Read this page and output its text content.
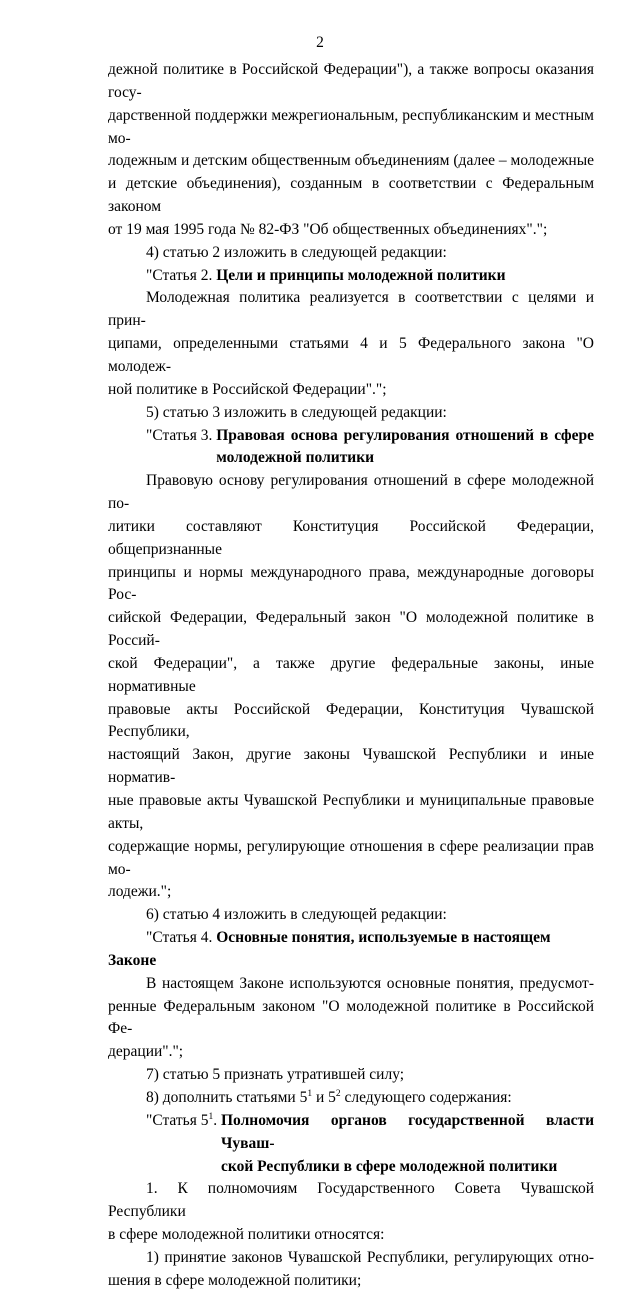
2
дежной политике в Российской Федерации"), а также вопросы оказания госу-
дарственной поддержки межрегиональным, республиканским и местным мо-
лодежным и детским общественным объединениям (далее – молодежные
и детские объединения), созданным в соответствии с Федеральным законом
от 19 мая 1995 года № 82-ФЗ "Об общественных объединениях".";
4) статью 2 изложить в следующей редакции:
"Статья 2. Цели и принципы молодежной политики
Молодежная политика реализуется в соответствии с целями и прин-
ципами, определенными статьями 4 и 5 Федерального закона "О молодеж-
ной политике в Российской Федерации".";
5) статью 3 изложить в следующей редакции:
"Статья 3. Правовая основа регулирования отношений в сфере
молодежной политики
Правовую основу регулирования отношений в сфере молодежной по-
литики составляют Конституция Российской Федерации, общепризнанные
принципы и нормы международного права, международные договоры Рос-
сийской Федерации, Федеральный закон "О молодежной политике в Россий-
ской Федерации", а также другие федеральные законы, иные нормативные
правовые акты Российской Федерации, Конституция Чувашской Республики,
настоящий Закон, другие законы Чувашской Республики и иные норматив-
ные правовые акты Чувашской Республики и муниципальные правовые акты,
содержащие нормы, регулирующие отношения в сфере реализации прав мо-
лодежи.";
6) статью 4 изложить в следующей редакции:
"Статья 4. Основные понятия, используемые в настоящем Законе
В настоящем Законе используются основные понятия, предусмот-
ренные Федеральным законом "О молодежной политике в Российской Фе-
дерации".";
7) статью 5 признать утратившей силу;
8) дополнить статьями $5^1$ и $5^2$ следующего содержания:
"Статья $5^1$. Полномочия органов государственной власти Чуваш-
ской Республики в сфере молодежной политики
1. К полномочиям Государственного Совета Чувашской Республики
в сфере молодежной политики относятся:
1) принятие законов Чувашской Республики, регулирующих отно-
шения в сфере молодежной политики;
